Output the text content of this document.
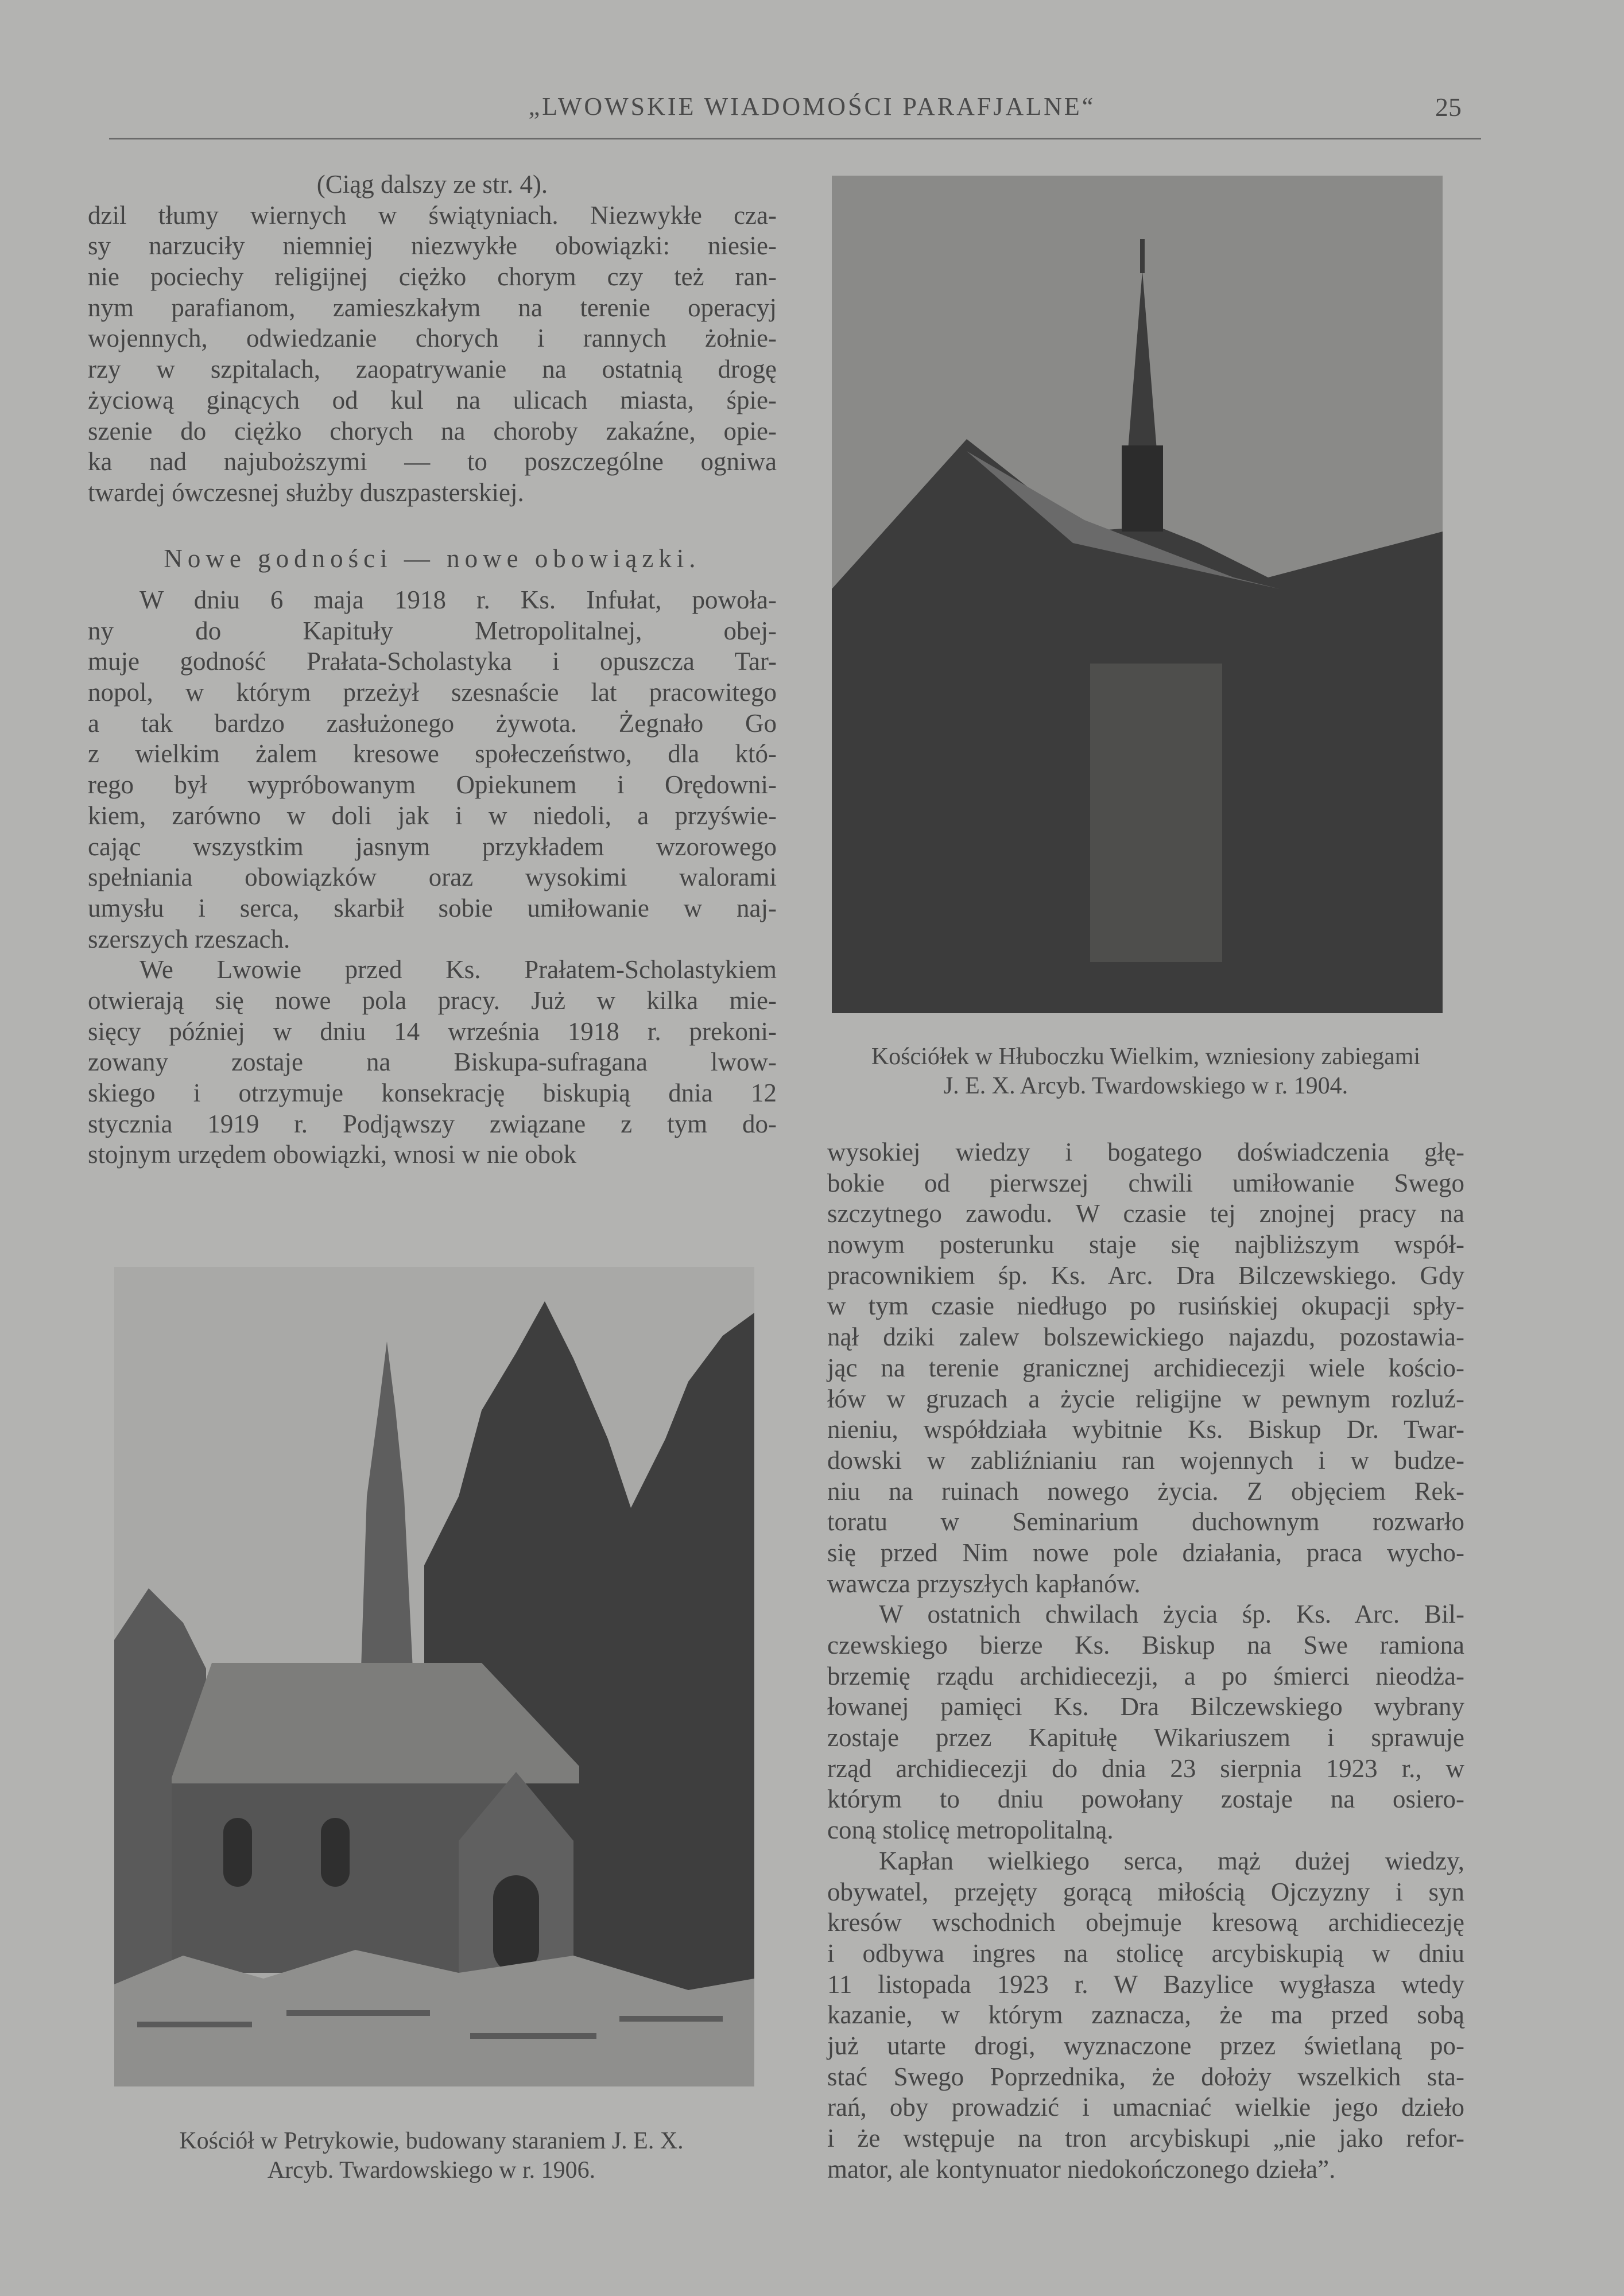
„LWOWSKIE WIADOMOŚCI PARAFJALNE“	25
(Ciąg dalszy ze str. 4).
dzil tłumy wiernych w świątyniach. Niezwykłe cza-
sy narzuciły niemniej niezwykłe obowiązki: niesie-
nie pociechy religijnej ciężko chorym czy też ran-
nym parafianom, zamieszkałym na terenie operacyj
wojennych, odwiedzanie chorych i rannych żołnie-
rzy w szpitalach, zaopatrywanie na ostatnią drogę
życiową ginących od kul na ulicach miasta, śpie-
szenie do ciężko chorych na choroby zakaźne, opie-
ka nad najuboższymi — to poszczególne ogniwa
twardej ówczesnej służby duszpasterskiej.
Nowe godności — nowe obowiązki.
W dniu 6 maja 1918 r. Ks. Infułat, powoła-
ny do Kapituły Metropolitalnej, obej-
muje godność Prałata-Scholastyka i opuszcza Tar-
nopol, w którym przeżył szesnaście lat pracowitego
a tak bardzo zasłużonego żywota. Żegnało Go
z wielkim żalem kresowe społeczeństwo, dla któ-
rego był wypróbowanym Opiekunem i Orędowni-
kiem, zarówno w doli jak i w niedoli, a przyświe-
cając wszystkim jasnym przykładem wzorowego
spełniania obowiązków oraz wysokimi walorami
umysłu i serca, skarbił sobie umiłowanie w naj-
szerszych rzeszach.
We Lwowie przed Ks. Prałatem-Scholastykiem
otwierają się nowe pola pracy. Już w kilka mie-
sięcy później w dniu 14 września 1918 r. prekoni-
zowany zostaje na Biskupa-sufragana lwow-
skiego i otrzymuje konsekrację biskupią dnia 12
stycznia 1919 r. Podjąwszy związane z tym do-
stojnym urzędem obowiązki, wnosi w nie obok
Kościół w Petrykowie, budowany staraniem J. E. X.
Arcyb. Twardowskiego w r. 1906.
Kościółek w Hłuboczku Wielkim, wzniesiony zabiegami
J. E. X. Arcyb. Twardowskiego w r. 1904.
wysokiej wiedzy i bogatego doświadczenia głę-
bokie od pierwszej chwili umiłowanie Swego
szczytnego zawodu. W czasie tej znojnej pracy na
nowym posterunku staje się najbliższym współ-
pracownikiem śp. Ks. Arc. Dra Bilczewskiego. Gdy
w tym czasie niedługo po rusińskiej okupacji spły-
nął dziki zalew bolszewickiego najazdu, pozostawia-
jąc na terenie granicznej archidiecezji wiele kościo-
łów w gruzach a życie religijne w pewnym rozluź-
nieniu, współdziała wybitnie Ks. Biskup Dr. Twar-
dowski w zabliźnianiu ran wojennych i w budze-
niu na ruinach nowego życia. Z objęciem Rek-
toratu w Seminarium duchownym rozwarło
się przed Nim nowe pole działania, praca wycho-
wawcza przyszłych kapłanów.
W ostatnich chwilach życia śp. Ks. Arc. Bil-
czewskiego bierze Ks. Biskup na Swe ramiona
brzemię rządu archidiecezji, a po śmierci nieodża-
łowanej pamięci Ks. Dra Bilczewskiego wybrany
zostaje przez Kapitułę Wikariuszem i sprawuje
rząd archidiecezji do dnia 23 sierpnia 1923 r., w
którym to dniu powołany zostaje na osiero-
coną stolicę metropolitalną.
Kapłan wielkiego serca, mąż dużej wiedzy,
obywatel, przejęty gorącą miłością Ojczyzny i syn
kresów wschodnich obejmuje kresową archidiecezję
i odbywa ingres na stolicę arcybiskupią w dniu
11 listopada 1923 r. W Bazylice wygłasza wtedy
kazanie, w którym zaznacza, że ma przed sobą
już utarte drogi, wyznaczone przez świetlaną po-
stać Swego Poprzednika, że dołoży wszelkich sta-
rań, oby prowadzić i umacniać wielkie jego dzieło
i że wstępuje na tron arcybiskupi „nie jako refor-
mator, ale kontynuator niedokończonego dzieła”.
